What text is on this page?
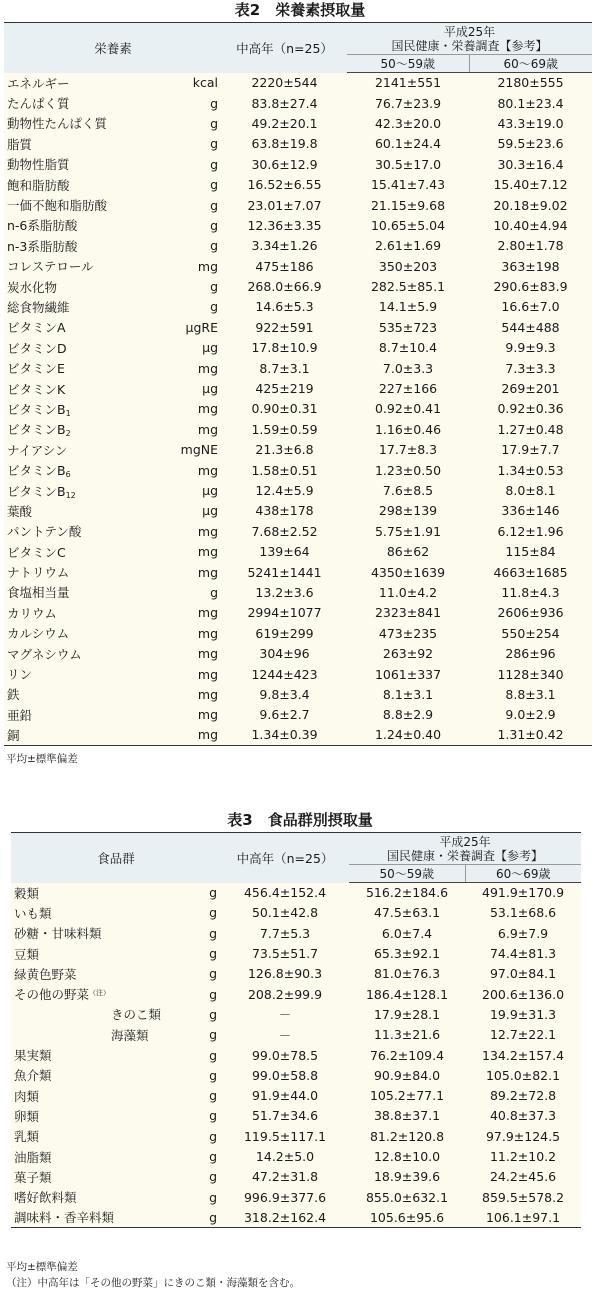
表2　栄養素摂取量
栄養素		中高年（n=25）	平成25年
国民健康・栄養調査【参考】	

			50～59歳	60～69歳
エネルギー	kcal	2220±544	2141±551	2180±555
たんぱく質	g	83.8±27.4	76.7±23.9	80.1±23.4
動物性たんぱく質	g	49.2±20.1	42.3±20.0	43.3±19.0
脂質	g	63.8±19.8	60.1±24.4	59.5±23.6
動物性脂質	g	30.6±12.9	30.5±17.0	30.3±16.4
飽和脂肪酸	g	16.52±6.55	15.41±7.43	15.40±7.12
一価不飽和脂肪酸	g	23.01±7.07	21.15±9.68	20.18±9.02
n-6系脂肪酸	g	12.36±3.35	10.65±5.04	10.40±4.94
n-3系脂肪酸	g	3.34±1.26	2.61±1.69	2.80±1.78
コレステロール	mg	475±186	350±203	363±198
炭水化物	g	268.0±66.9	282.5±85.1	290.6±83.9
総食物繊維	g	14.6±5.3	14.1±5.9	16.6±7.0
ビタミンA	μgRE	922±591	535±723	544±488
ビタミンD	μg	17.8±10.9	8.7±10.4	9.9±9.3
ビタミンE	mg	8.7±3.1	7.0±3.3	7.3±3.3
ビタミンK	μg	425±219	227±166	269±201
ビタミン$B_1$	mg	0.90±0.31	0.92±0.41	0.92±0.36
ビタミン$B_2$	mg	1.59±0.59	1.16±0.46	1.27±0.48
ナイアシン	mgNE	21.3±6.8	17.7±8.3	17.9±7.7
ビタミン$B_6$	mg	1.58±0.51	1.23±0.50	1.34±0.53
ビタミン$B_{12}$	μg	12.4±5.9	7.6±8.5	8.0±8.1
葉酸	μg	438±178	298±139	336±146
パントテン酸	mg	7.68±2.52	5.75±1.91	6.12±1.96
ビタミンC	mg	139±64	86±62	115±84
ナトリウム	mg	5241±1441	4350±1639	4663±1685
食塩相当量	g	13.2±3.6	11.0±4.2	11.8±4.3
カリウム	mg	2994±1077	2323±841	2606±936
カルシウム	mg	619±299	473±235	550±254
マグネシウム	mg	304±96	263±92	286±96
リン	mg	1244±423	1061±337	1128±340
鉄	mg	9.8±3.4	8.1±3.1	8.8±3.1
亜鉛	mg	9.6±2.7	8.8±2.9	9.0±2.9
銅	mg	1.34±0.39	1.24±0.40	1.31±0.42
平均±標準偏差
表3　食品群別摂取量
食品群		中高年（n=25）	平成25年
国民健康・栄養調査【参考】	

			50～59歳	60～69歳
穀類	g	456.4±152.4	516.2±184.6	491.9±170.9
いも類	g	50.1±42.8	47.5±63.1	53.1±68.6
砂糖・甘味料類	g	7.7±5.3	6.0±7.4	6.9±7.9
豆類	g	73.5±51.7	65.3±92.1	74.4±81.3
緑黄色野菜	g	126.8±90.3	81.0±76.3	97.0±84.1
その他の野菜$^{(注)}$	g	208.2±99.9	186.4±128.1	200.6±136.0
きのこ類	g	－	17.9±28.1	19.9±31.3
海藻類	g	－	11.3±21.6	12.7±22.1
果実類	g	99.0±78.5	76.2±109.4	134.2±157.4
魚介類	g	99.0±58.8	90.9±84.0	105.0±82.1
肉類	g	91.9±44.0	105.2±77.1	89.2±72.8
卵類	g	51.7±34.6	38.8±37.1	40.8±37.3
乳類	g	119.5±117.1	81.2±120.8	97.9±124.5
油脂類	g	14.2±5.0	12.8±10.0	11.2±10.2
菓子類	g	47.2±31.8	18.9±39.6	24.2±45.6
嗜好飲料類	g	996.9±377.6	855.0±632.1	859.5±578.2
調味料・香辛料類	g	318.2±162.4	105.6±95.6	106.1±97.1
平均±標準偏差
（注）中高年は「その他の野菜」にきのこ類・海藻類を含む。
